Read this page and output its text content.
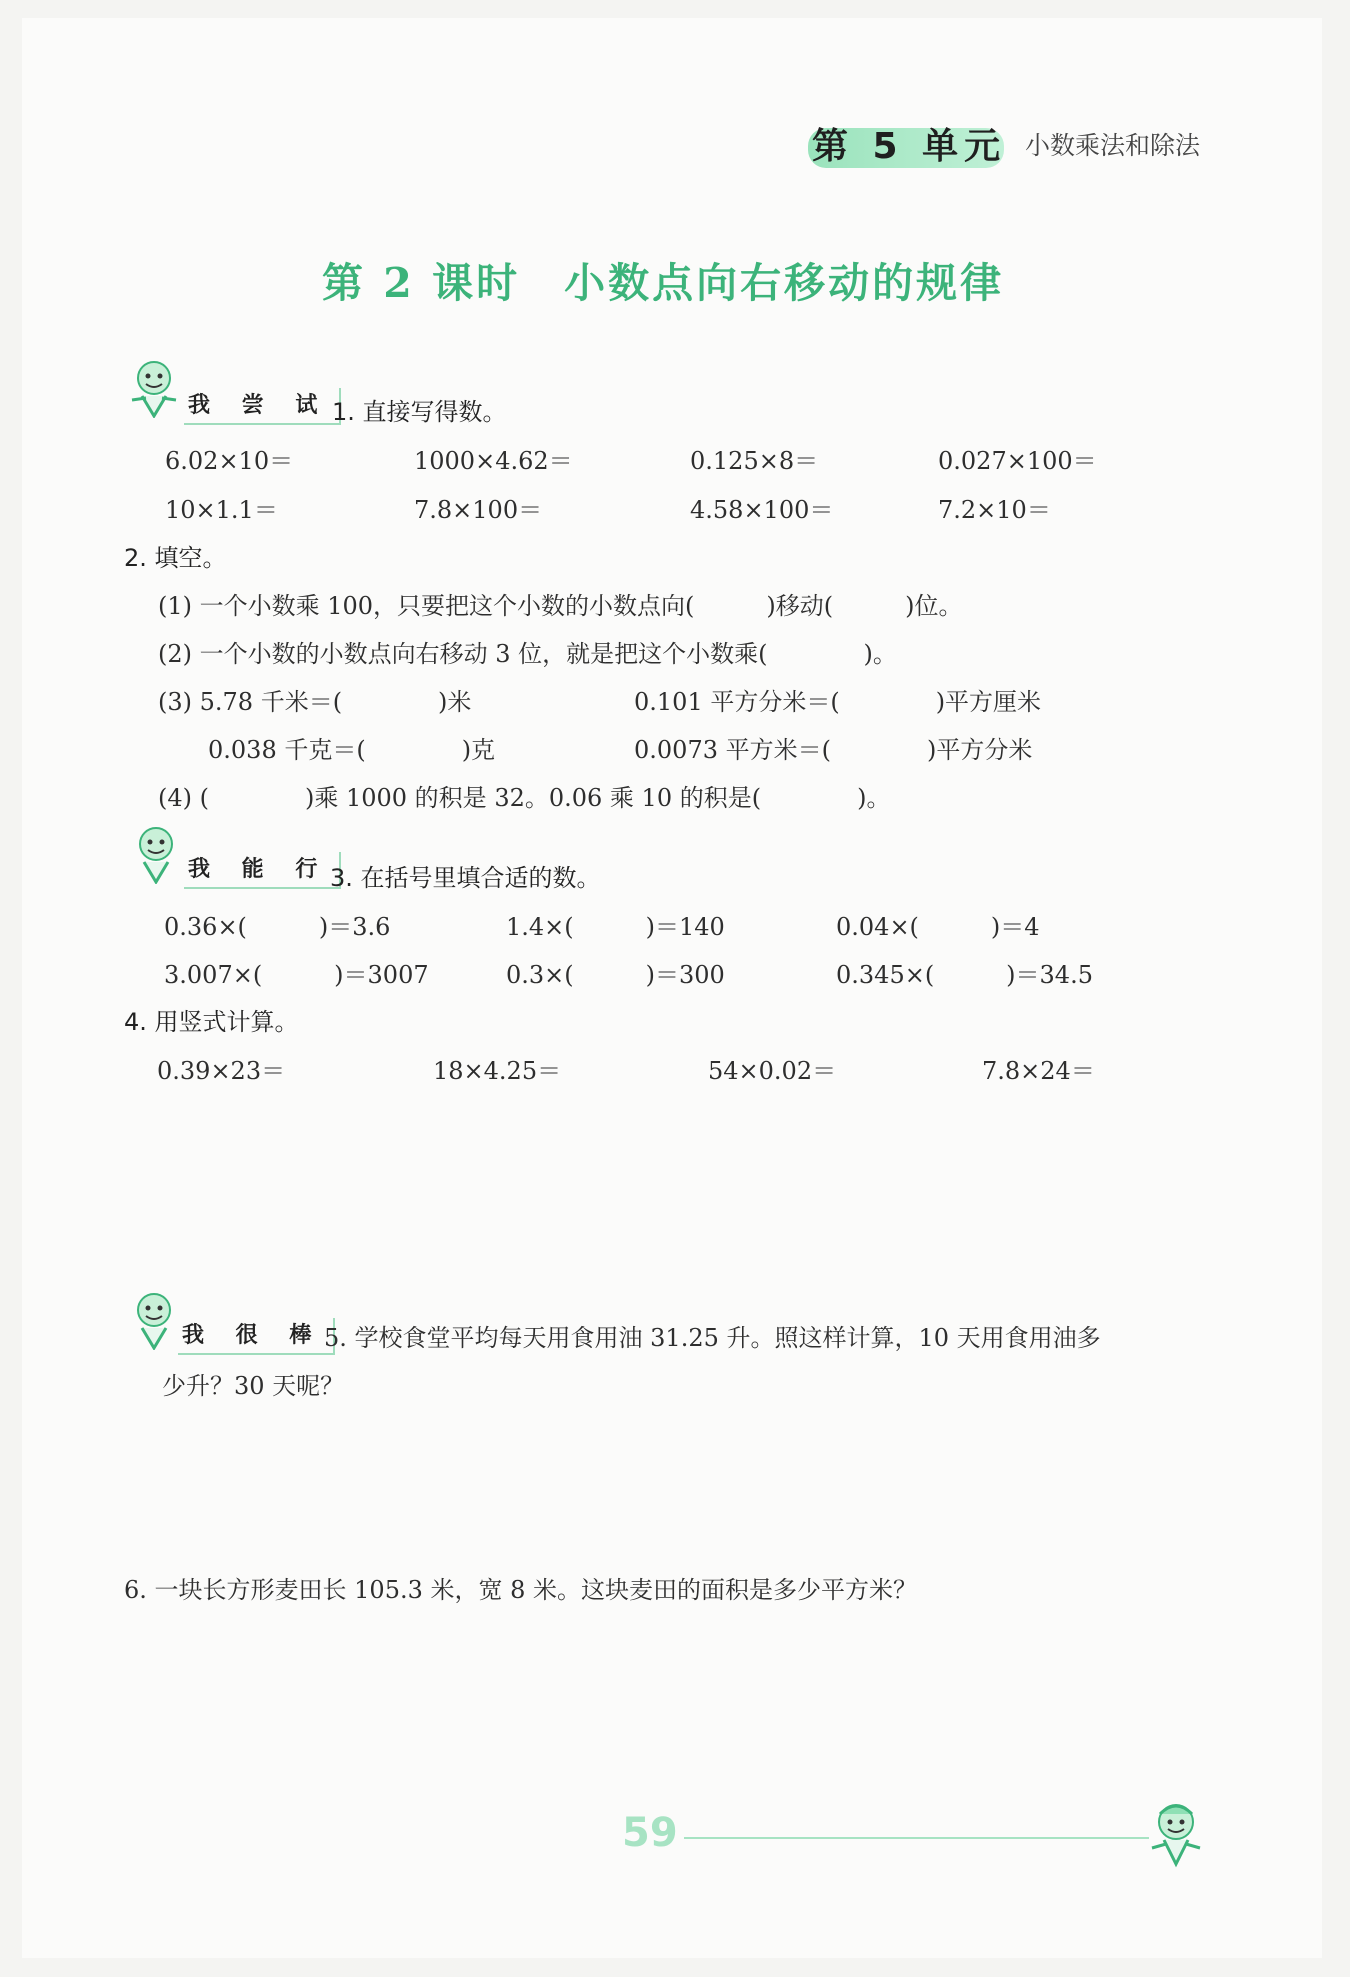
第 5 单元 小数乘法和除法
第 2 课时　小数点向右移动的规律
我 尝 试
我 能 行
我 很 棒
1. 直接写得数。
6.02×10＝	1000×4.62＝	0.125×8＝	0.027×100＝
10×1.1＝	7.8×100＝	4.58×100＝	7.2×10＝
2. 填空。
(1) 一个小数乘 100，只要把这个小数的小数点向(　　　)移动(　　　)位。
(2) 一个小数的小数点向右移动 3 位，就是把这个小数乘(　　　　)。
(3) 5.78 千米＝(　　　　)米	0.101 平方分米＝(　　　　)平方厘米
0.038 千克＝(　　　　)克	0.0073 平方米＝(　　　　)平方分米
(4) (　　　　)乘 1000 的积是 32。0.06 乘 10 的积是(　　　　)。
3. 在括号里填合适的数。
0.36×(　　　)＝3.6	1.4×(　　　)＝140	0.04×(　　　)＝4
3.007×(　　　)＝3007	0.3×(　　　)＝300	0.345×(　　　)＝34.5
4. 用竖式计算。
0.39×23＝	18×4.25＝	54×0.02＝	7.8×24＝
5. 学校食堂平均每天用食用油 31.25 升。照这样计算，10 天用食用油多
少升？30 天呢？
6. 一块长方形麦田长 105.3 米，宽 8 米。这块麦田的面积是多少平方米？
59
